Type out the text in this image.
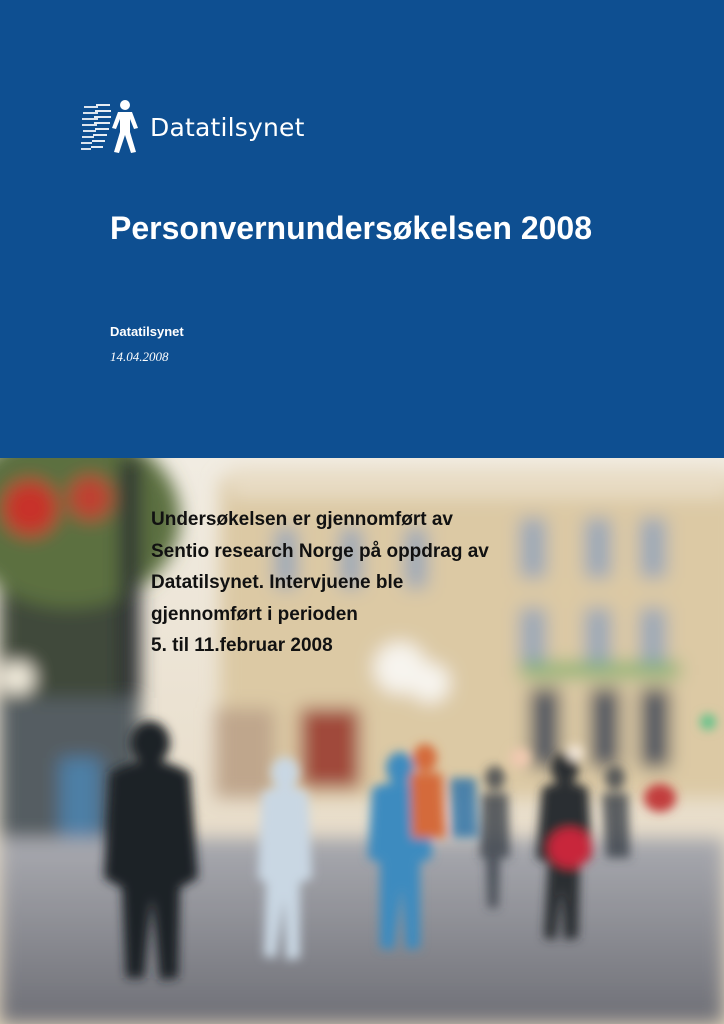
Datatilsynet
Personvernundersøkelsen 2008
Datatilsynet
14.04.2008

Undersøkelsen er gjennomført av
Sentio research Norge på oppdrag av
Datatilsynet. Intervjuene ble
gjennomført i perioden
5. til 11.februar 2008
